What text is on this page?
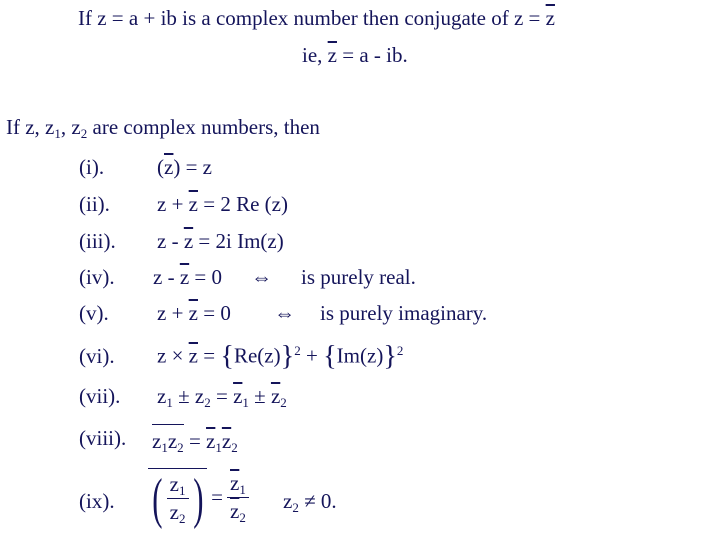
If z = a + ib is a complex number then conjugate of $z = \overline{z}$
ie, $\overline{z} = a$ - ib.
If z, $z_1$, $z_2$ are complex numbers, then
(i).	(z) = z
(ii). $z + \overline{z} = 2$ Re (z)
(iii). $z - \overline{z} = 2i$ Im(z)
(iv). $z - \overline{z} = 0$ ⇔ is purely real.
(v). $z + \overline{z} = 0$ ⇔ is purely imaginary.
(vi). $z \times \overline{z} = \{Re(z)\}^2 + \{Im(z)\}^2$
(vii). $z_1 \pm z_2 = \overline{z}_1 \pm \overline{z}_2$
(viii). $z_1z_2 = \overline{z}_1\overline{z}_2$
(ix). ( $\frac{z_1}{z_2}$ ) = $\frac{\overline{z}_1}{\overline{z}_2} z_2 \ne 0$.
